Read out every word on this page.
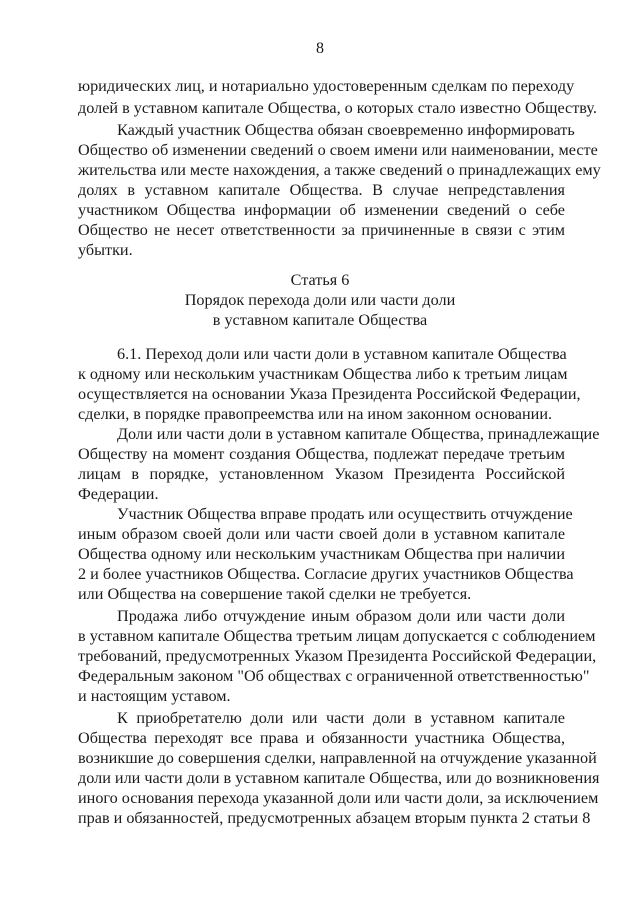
8
юридических лиц, и нотариально удостоверенным сделкам по переходу
долей в уставном капитале Общества, о которых стало известно Обществу.
Каждый участник Общества обязан своевременно информировать
Общество об изменении сведений о своем имени или наименовании, месте
жительства или месте нахождения, а также сведений о принадлежащих ему
долях в уставном капитале Общества. В случае непредставления
участником Общества информации об изменении сведений о себе
Общество не несет ответственности за причиненные в связи с этим
убытки.
Статья 6
Порядок перехода доли или части доли
в уставном капитале Общества
6.1. Переход доли или части доли в уставном капитале Общества
к одному или нескольким участникам Общества либо к третьим лицам
осуществляется на основании Указа Президента Российской Федерации,
сделки, в порядке правопреемства или на ином законном основании.
Доли или части доли в уставном капитале Общества, принадлежащие
Обществу на момент создания Общества, подлежат передаче третьим
лицам в порядке, установленном Указом Президента Российской
Федерации.
Участник Общества вправе продать или осуществить отчуждение
иным образом своей доли или части своей доли в уставном капитале
Общества одному или нескольким участникам Общества при наличии
2 и более участников Общества. Согласие других участников Общества
или Общества на совершение такой сделки не требуется.
Продажа либо отчуждение иным образом доли или части доли
в уставном капитале Общества третьим лицам допускается с соблюдением
требований, предусмотренных Указом Президента Российской Федерации,
Федеральным законом "Об обществах с ограниченной ответственностью"
и настоящим уставом.
К приобретателю доли или части доли в уставном капитале
Общества переходят все права и обязанности участника Общества,
возникшие до совершения сделки, направленной на отчуждение указанной
доли или части доли в уставном капитале Общества, или до возникновения
иного основания перехода указанной доли или части доли, за исключением
прав и обязанностей, предусмотренных абзацем вторым пункта 2 статьи 8
